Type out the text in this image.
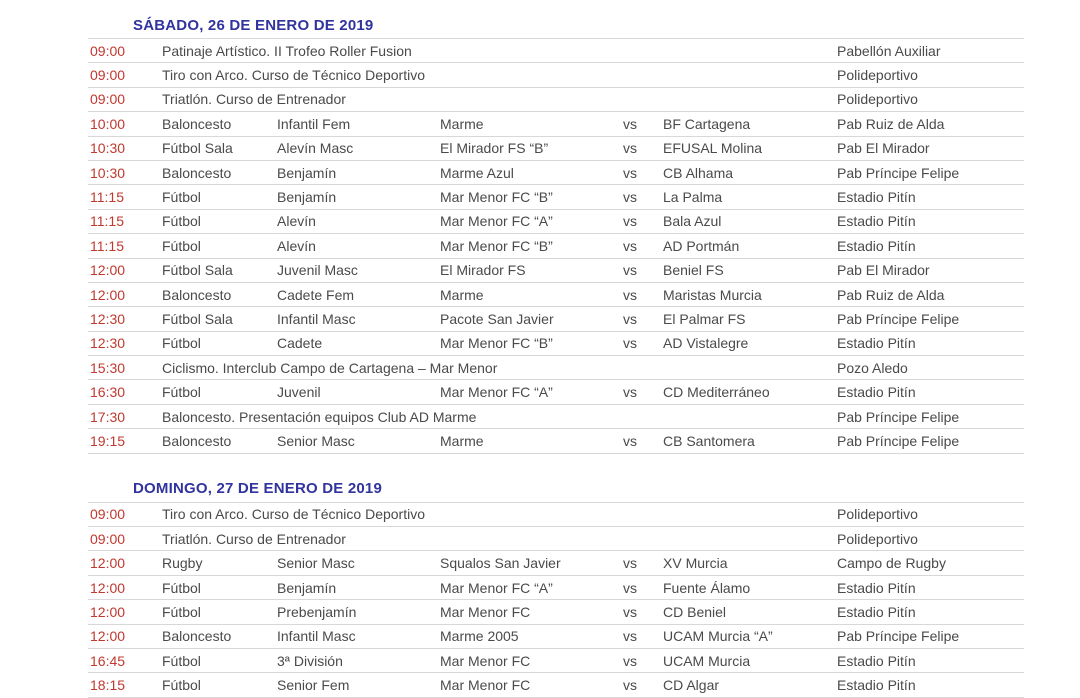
SÁBADO, 26 DE ENERO DE 2019
09:00	Patinaje Artístico. II Trofeo Roller Fusion	Pabellón Auxiliar
09:00	Tiro con Arco. Curso de Técnico Deportivo	Polideportivo
09:00	Triatlón. Curso de Entrenador	Polideportivo
10:00	Baloncesto	Infantil Fem	Marme	vs	BF Cartagena	Pab Ruiz de Alda
10:30	Fútbol Sala	Alevín Masc	El Mirador FS “B”	vs	EFUSAL Molina	Pab El Mirador
10:30	Baloncesto	Benjamín	Marme Azul	vs	CB Alhama	Pab Príncipe Felipe
11:15	Fútbol	Benjamín	Mar Menor FC “B”	vs	La Palma	Estadio Pitín
11:15	Fútbol	Alevín	Mar Menor FC “A”	vs	Bala Azul	Estadio Pitín
11:15	Fútbol	Alevín	Mar Menor FC “B”	vs	AD Portmán	Estadio Pitín
12:00	Fútbol Sala	Juvenil Masc	El Mirador FS	vs	Beniel FS	Pab El Mirador
12:00	Baloncesto	Cadete Fem	Marme	vs	Maristas Murcia	Pab Ruiz de Alda
12:30	Fútbol Sala	Infantil Masc	Pacote San Javier	vs	El Palmar FS	Pab Príncipe Felipe
12:30	Fútbol	Cadete	Mar Menor FC “B”	vs	AD Vistalegre	Estadio Pitín
15:30	Ciclismo. Interclub Campo de Cartagena – Mar Menor	Pozo Aledo
16:30	Fútbol	Juvenil	Mar Menor FC “A”	vs	CD Mediterráneo	Estadio Pitín
17:30	Baloncesto. Presentación equipos Club AD Marme	Pab Príncipe Felipe
19:15	Baloncesto	Senior Masc	Marme	vs	CB Santomera	Pab Príncipe Felipe
DOMINGO, 27 DE ENERO DE 2019
09:00	Tiro con Arco. Curso de Técnico Deportivo	Polideportivo
09:00	Triatlón. Curso de Entrenador	Polideportivo
12:00	Rugby	Senior Masc	Squalos San Javier	vs	XV Murcia	Campo de Rugby
12:00	Fútbol	Benjamín	Mar Menor FC “A”	vs	Fuente Álamo	Estadio Pitín
12:00	Fútbol	Prebenjamín	Mar Menor FC	vs	CD Beniel	Estadio Pitín
12:00	Baloncesto	Infantil Masc	Marme 2005	vs	UCAM Murcia “A”	Pab Príncipe Felipe
16:45	Fútbol	3ª División	Mar Menor FC	vs	UCAM Murcia	Estadio Pitín
18:15	Fútbol	Senior Fem	Mar Menor FC	vs	CD Algar	Estadio Pitín
